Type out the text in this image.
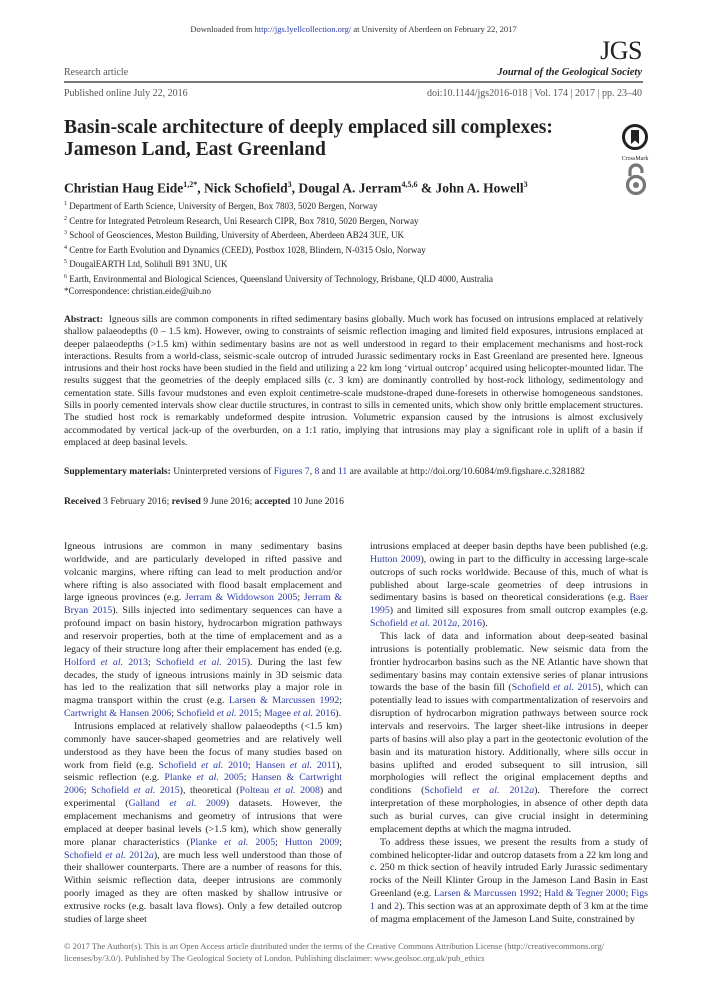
Downloaded from http://jgs.lyellcollection.org/ at University of Aberdeen on February 22, 2017
JGS
Research article	Journal of the Geological Society
Published online July 22, 2016	doi:10.1144/jgs2016-018 | Vol. 174 | 2017 | pp. 23–40
Basin-scale architecture of deeply emplaced sill complexes:
Jameson Land, East Greenland	CrossMark
Christian Haug Eide$^{1,2*}$, Nick Schofield$^3$, Dougal A. Jerram$^{4,5,6}$ & John A. Howell$^3$
$^1$ Department of Earth Science, University of Bergen, Box 7803, 5020 Bergen, Norway
$^2$ Centre for Integrated Petroleum Research, Uni Research CIPR, Box 7810, 5020 Bergen, Norway
$^3$ School of Geosciences, Meston Building, University of Aberdeen, Aberdeen AB24 3UE, UK
$^4$ Centre for Earth Evolution and Dynamics (CEED), Postbox 1028, Blindern, N-0315 Oslo, Norway
$^5$ DougalEARTH Ltd, Solihull B91 3NU, UK
$^6$ Earth, Environmental and Biological Sciences, Queensland University of Technology, Brisbane, QLD 4000, Australia
*Correspondence: christian.eide@uib.no
Abstract: Igneous sills are common components in rifted sedimentary basins globally. Much work has focused on intrusions emplaced at relatively shallow palaeodepths (0 – 1.5 km). However, owing to constraints of seismic reflection imaging and limited field exposures, intrusions emplaced at deeper palaeodepths (>1.5 km) within sedimentary basins are not as well understood in regard to their emplacement mechanisms and host-rock interactions. Results from a world-class, seismic-scale outcrop of intruded Jurassic sedimentary rocks in East Greenland are presented here. Igneous intrusions and their host rocks have been studied in the field and utilizing a 22 km long ‘virtual outcrop’ acquired using helicopter-mounted lidar. The results suggest that the geometries of the deeply emplaced sills (c. 3 km) are dominantly controlled by host-rock lithology, sedimentology and cementation state. Sills favour mudstones and even exploit centimetre-scale mudstone-draped dune-foresets in otherwise homogeneous sandstones. Sills in poorly cemented intervals show clear ductile structures, in contrast to sills in cemented units, which show only brittle emplacement structures. The studied host rock is remarkably undeformed despite intrusion. Volumetric expansion caused by the intrusions is almost exclusively accommodated by vertical jack-up of the overburden, on a 1:1 ratio, implying that intrusions may play a significant role in uplift of a basin if emplaced at deep basinal levels.
Supplementary materials: Uninterpreted versions of Figures 7, 8 and 11 are available at http://doi.org/10.6084/m9.figshare.c.3281882
Received 3 February 2016; revised 9 June 2016; accepted 10 June 2016

Igneous intrusions are common in many sedimentary basins worldwide, and are particularly developed in rifted passive and volcanic margins, where rifting can lead to melt production and/or where rifting is also associated with flood basalt emplacement and large igneous provinces (e.g. Jerram & Widdowson 2005; Jerram & Bryan 2015). Sills injected into sedimentary sequences can have a profound impact on basin history, hydrocarbon migration pathways and reservoir properties, both at the time of emplacement and as a legacy of their structure long after their emplacement has ended (e.g. Holford et al. 2013; Schofield et al. 2015). During the last few decades, the study of igneous intrusions mainly in 3D seismic data has led to the realization that sill networks play a major role in magma transport within the crust (e.g. Larsen & Marcussen 1992; Cartwright & Hansen 2006; Schofield et al. 2015; Magee et al. 2016).

Intrusions emplaced at relatively shallow palaeodepths (<1.5 km) commonly have saucer-shaped geometries and are relatively well understood as they have been the focus of many studies based on work from field (e.g. Schofield et al. 2010; Hansen et al. 2011), seismic reflection (e.g. Planke et al. 2005; Hansen & Cartwright 2006; Schofield et al. 2015), theoretical (Polteau et al. 2008) and experimental (Galland et al. 2009) datasets. However, the emplacement mechanisms and geometry of intrusions that were emplaced at deeper basinal levels (>1.5 km), which show generally more planar characteristics (Planke et al. 2005; Hutton 2009; Schofield et al. 2012a), are much less well understood than those of their shallower counterparts. There are a number of reasons for this. Within seismic reflection data, deeper intrusions are commonly poorly imaged as they are often masked by shallow intrusive or extrusive rocks (e.g. basalt lava flows). Only a few detailed outcrop studies of large sheet

intrusions emplaced at deeper basin depths have been published (e.g. Hutton 2009), owing in part to the difficulty in accessing large-scale outcrops of such rocks worldwide. Because of this, much of what is published about large-scale geometries of deep intrusions in sedimentary basins is based on theoretical considerations (e.g. Baer 1995) and limited sill exposures from small outcrop examples (e.g. Schofield et al. 2012a, 2016).

This lack of data and information about deep-seated basinal intrusions is potentially problematic. New seismic data from the frontier hydrocarbon basins such as the NE Atlantic have shown that sedimentary basins may contain extensive series of planar intrusions towards the base of the basin fill (Schofield et al. 2015), which can potentially lead to issues with compartmentalization of reservoirs and disruption of hydrocarbon migration pathways between source rock intervals and reservoirs. The larger sheet-like intrusions in deeper parts of basins will also play a part in the geotectonic evolution of the basin and its maturation history. Additionally, where sills occur in basins uplifted and eroded subsequent to sill intrusion, sill morphologies will reflect the original emplacement depths and conditions (Schofield et al. 2012a). Therefore the correct interpretation of these morphologies, in absence of other depth data such as burial curves, can give crucial insight in determining emplacement depths at which the magma intruded.

To address these issues, we present the results from a study of combined helicopter-lidar and outcrop datasets from a 22 km long and c. 250 m thick section of heavily intruded Early Jurassic sedimentary rocks of the Neill Klinter Group in the Jameson Land Basin in East Greenland (e.g. Larsen & Marcussen 1992; Hald & Tegner 2000; Figs 1 and 2). This section was at an approximate depth of 3 km at the time of magma emplacement of the Jameson Land Suite, constrained by

© 2017 The Author(s). This is an Open Access article distributed under the terms of the Creative Commons Attribution License (http://creativecommons.org/
licenses/by/3.0/). Published by The Geological Society of London. Publishing disclaimer: www.geolsoc.org.uk/pub_ethics
